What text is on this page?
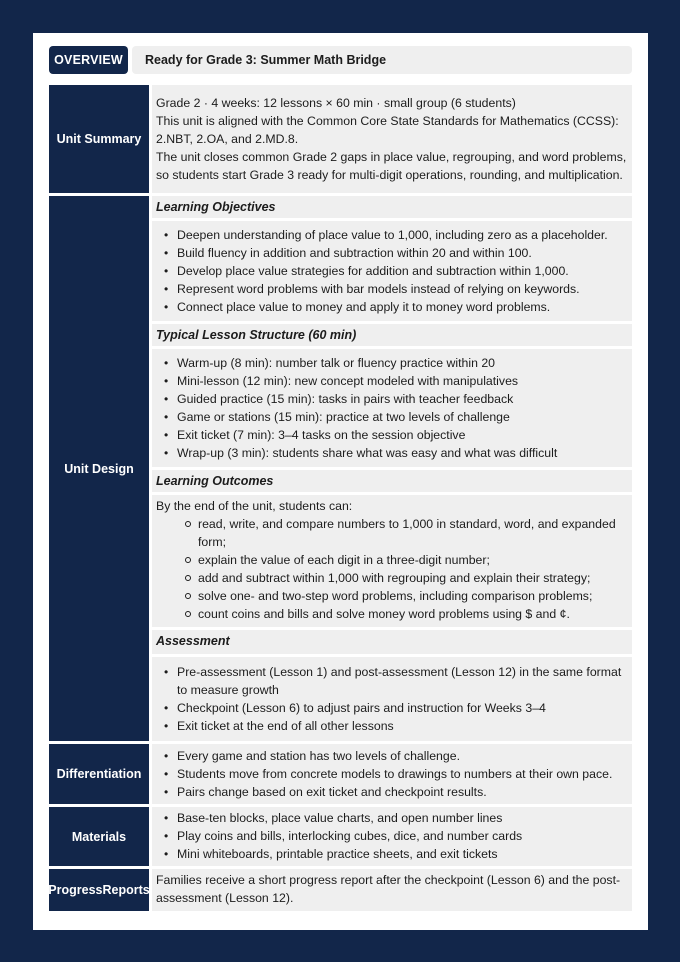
OVERVIEW	Ready for Grade 3: Summer Math Bridge
Unit Summary
Grade 2 · 4 weeks: 12 lessons × 60 min · small group (6 students)
This unit is aligned with the Common Core State Standards for Mathematics (CCSS): 2.NBT, 2.OA, and 2.MD.8.
The unit closes common Grade 2 gaps in place value, regrouping, and word problems, so students start Grade 3 ready for multi-digit operations, rounding, and multiplication.
Unit Design
Learning Objectives
• Deepen understanding of place value to 1,000, including zero as a placeholder.
• Build fluency in addition and subtraction within 20 and within 100.
• Develop place value strategies for addition and subtraction within 1,000.
• Represent word problems with bar models instead of relying on keywords.
• Connect place value to money and apply it to money word problems.
Typical Lesson Structure (60 min)
• Warm-up (8 min): number talk or fluency practice within 20
• Mini-lesson (12 min): new concept modeled with manipulatives
• Guided practice (15 min): tasks in pairs with teacher feedback
• Game or stations (15 min): practice at two levels of challenge
• Exit ticket (7 min): 3–4 tasks on the session objective
• Wrap-up (3 min): students share what was easy and what was difficult
Learning Outcomes
By the end of the unit, students can:
read, write, and compare numbers to 1,000 in standard, word, and expanded form;
explain the value of each digit in a three-digit number;
add and subtract within 1,000 with regrouping and explain their strategy;
solve one- and two-step word problems, including comparison problems;
count coins and bills and solve money word problems using $ and ¢.
Assessment
• Pre-assessment (Lesson 1) and post-assessment (Lesson 12) in the same format to measure growth
• Checkpoint (Lesson 6) to adjust pairs and instruction for Weeks 3–4
• Exit ticket at the end of all other lessons
Differentiation
• Every game and station has two levels of challenge.
• Students move from concrete models to drawings to numbers at their own pace.
• Pairs change based on exit ticket and checkpoint results.
Materials
• Base-ten blocks, place value charts, and open number lines
• Play coins and bills, interlocking cubes, dice, and number cards
• Mini whiteboards, printable practice sheets, and exit tickets
Progress Reports
Families receive a short progress report after the checkpoint (Lesson 6) and the post-assessment (Lesson 12).
